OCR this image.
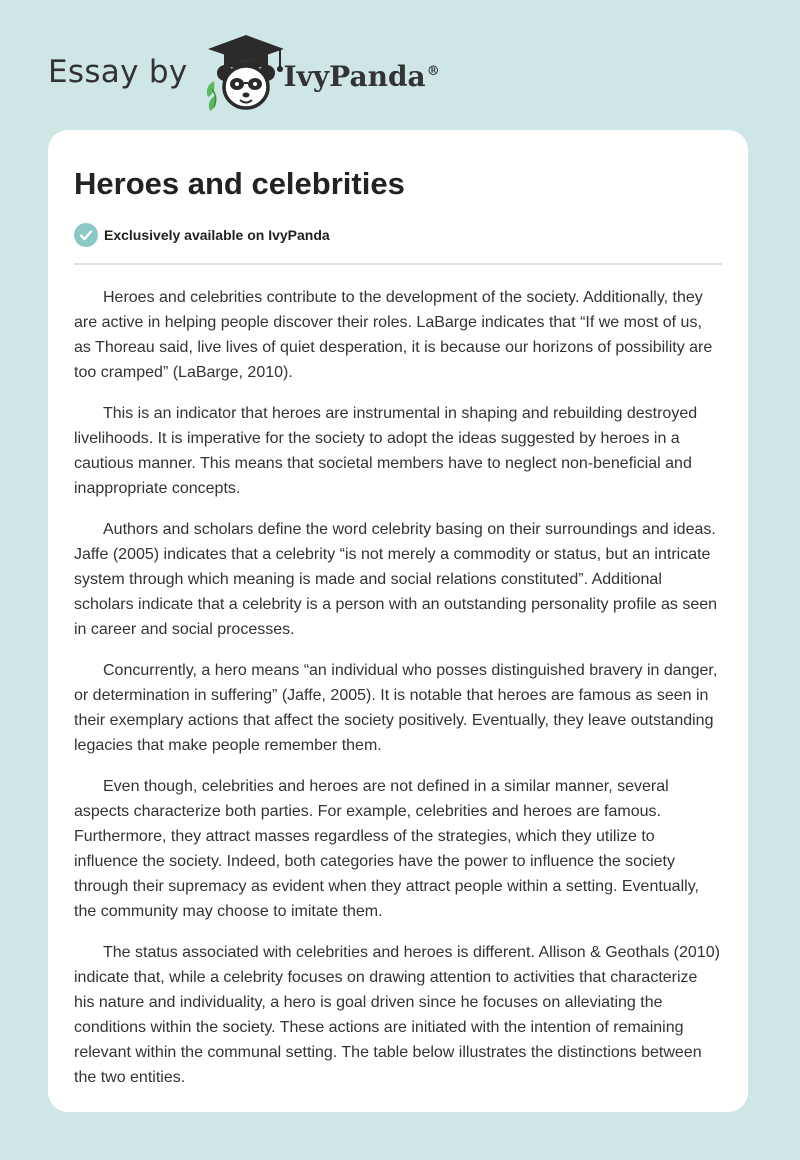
Essay by	IvyPanda®
Heroes and celebrities
Exclusively available on IvyPanda

Heroes and celebrities contribute to the development of the society. Additionally, they are active in helping people discover their roles. LaBarge indicates that “If we most of us, as Thoreau said, live lives of quiet desperation, it is because our horizons of possibility are too cramped” (LaBarge, 2010).

This is an indicator that heroes are instrumental in shaping and rebuilding destroyed livelihoods. It is imperative for the society to adopt the ideas suggested by heroes in a cautious manner. This means that societal members have to neglect non-beneficial and inappropriate concepts.

Authors and scholars define the word celebrity basing on their surroundings and ideas. Jaffe (2005) indicates that a celebrity “is not merely a commodity or status, but an intricate system through which meaning is made and social relations constituted”. Additional scholars indicate that a celebrity is a person with an outstanding personality profile as seen in career and social processes.

Concurrently, a hero means “an individual who posses distinguished bravery in danger, or determination in suffering” (Jaffe, 2005). It is notable that heroes are famous as seen in their exemplary actions that affect the society positively. Eventually, they leave outstanding legacies that make people remember them.

Even though, celebrities and heroes are not defined in a similar manner, several aspects characterize both parties. For example, celebrities and heroes are famous. Furthermore, they attract masses regardless of the strategies, which they utilize to influence the society. Indeed, both categories have the power to influence the society through their supremacy as evident when they attract people within a setting. Eventually, the community may choose to imitate them.

The status associated with celebrities and heroes is different. Allison & Geothals (2010) indicate that, while a celebrity focuses on drawing attention to activities that characterize his nature and individuality, a hero is goal driven since he focuses on alleviating the conditions within the society. These actions are initiated with the intention of remaining relevant within the communal setting. The table below illustrates the distinctions between the two entities.
